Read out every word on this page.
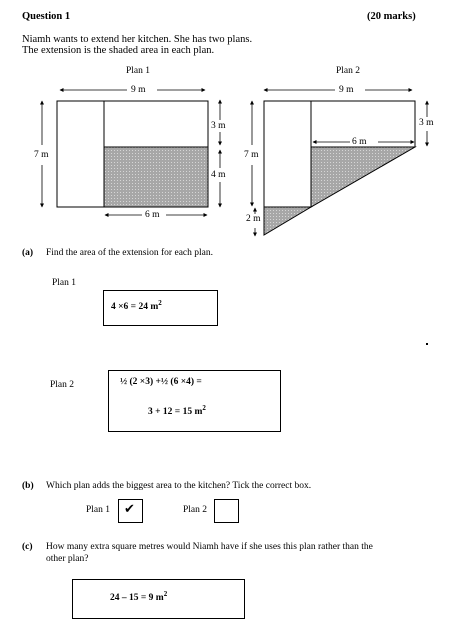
Question 1	(20 marks)
Niamh wants to extend her kitchen. She has two plans.
The extension is the shaded area in each plan.
Plan 1
9 m
7 m
3 m
4 m
6 m
Plan 2
9 m
3 m
6 m
7 m
2 m
(a) Find the area of the extension for each plan.
Plan 1
4 ×6 = 24 $m^2$
Plan 2	½ (2 ×3) +½ (6 ×4) =
3 + 12 = 15 $m^2$
(b) Which plan adds the biggest area to the kitchen? Tick the correct box.
Plan 1 ✔	Plan 2
(c) How many extra square metres would Niamh have if she uses this plan rather than the
other plan?
24 – 15 = 9 $m^2$
